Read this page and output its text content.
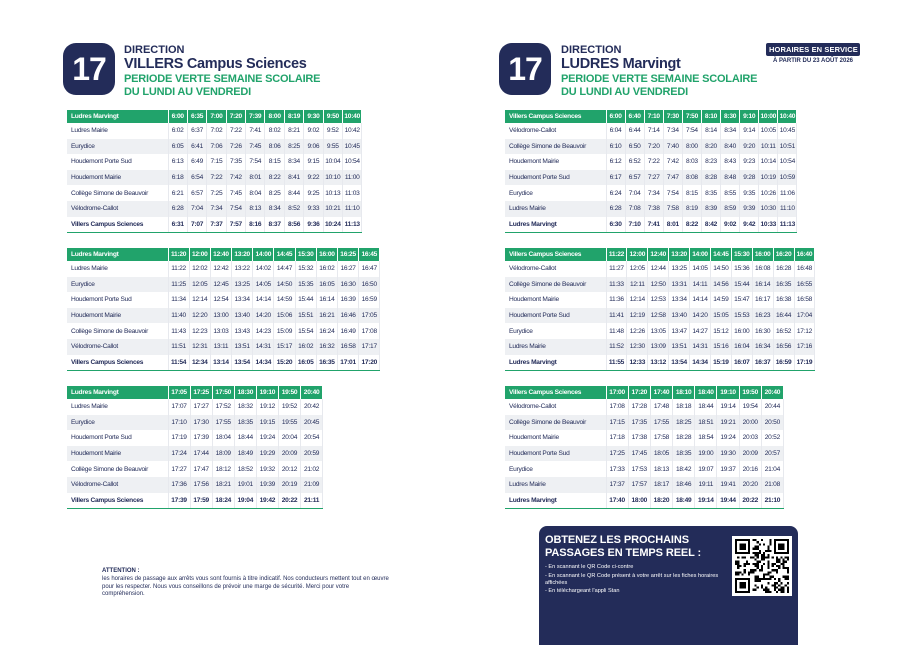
17
DIRECTION
VILLERS Campus Sciences
PERIODE VERTE SEMAINE SCOLAIRE
DU LUNDI AU VENDREDI
17
DIRECTION
LUDRES Marvingt
PERIODE VERTE SEMAINE SCOLAIRE
DU LUNDI AU VENDREDI
HORAIRES EN SERVICE
À PARTIR DU 23 AOÛT 2026
Ludres Marvingt	6:00	6:35	7:00	7:20	7:39	8:00	8:19	9:30	9:50	10:40
Ludres Mairie	6:02	6:37	7:02	7:22	7:41	8:02	8:21	9:02	9:52	10:42
Eurydice	6:05	6:41	7:06	7:26	7:45	8:06	8:25	9:06	9:55	10:45
Houdemont Porte Sud	6:13	6:49	7:15	7:35	7:54	8:15	8:34	9:15	10:04	10:54
Houdemont Mairie	6:18	6:54	7:22	7:42	8:01	8:22	8:41	9:22	10:10	11:00
Collège Simone de Beauvoir	6:21	6:57	7:25	7:45	8:04	8:25	8:44	9:25	10:13	11:03
Vélodrome-Callot	6:28	7:04	7:34	7:54	8:13	8:34	8:52	9:33	10:21	11:10
Villers Campus Sciences	6:31	7:07	7:37	7:57	8:16	8:37	8:56	9:36	10:24	11:13
Ludres Marvingt	11:20	12:00	12:40	13:20	14:00	14:45	15:30	16:00	16:25	16:45
Ludres Mairie	11:22	12:02	12:42	13:22	14:02	14:47	15:32	16:02	16:27	16:47
Eurydice	11:25	12:05	12:45	13:25	14:05	14:50	15:35	16:05	16:30	16:50
Houdemont Porte Sud	11:34	12:14	12:54	13:34	14:14	14:59	15:44	16:14	16:39	16:59
Houdemont Mairie	11:40	12:20	13:00	13:40	14:20	15:06	15:51	16:21	16:46	17:05
Collège Simone de Beauvoir	11:43	12:23	13:03	13:43	14:23	15:09	15:54	16:24	16:49	17:08
Vélodrome-Callot	11:51	12:31	13:11	13:51	14:31	15:17	16:02	16:32	16:58	17:17
Villers Campus Sciences	11:54	12:34	13:14	13:54	14:34	15:20	16:05	16:35	17:01	17:20
Ludres Marvingt	17:05	17:25	17:50	18:30	19:10	19:50	20:40
Ludres Mairie	17:07	17:27	17:52	18:32	19:12	19:52	20:42
Eurydice	17:10	17:30	17:55	18:35	19:15	19:55	20:45
Houdemont Porte Sud	17:19	17:39	18:04	18:44	19:24	20:04	20:54
Houdemont Mairie	17:24	17:44	18:09	18:49	19:29	20:09	20:59
Collège Simone de Beauvoir	17:27	17:47	18:12	18:52	19:32	20:12	21:02
Vélodrome-Callot	17:36	17:56	18:21	19:01	19:39	20:19	21:09
Villers Campus Sciences	17:39	17:59	18:24	19:04	19:42	20:22	21:11
Villers Campus Sciences	6:00	6:40	7:10	7:30	7:50	8:10	8:30	9:10	10:00	10:40
Vélodrome-Callot	6:04	6:44	7:14	7:34	7:54	8:14	8:34	9:14	10:05	10:45
Collège Simone de Beauvoir	6:10	6:50	7:20	7:40	8:00	8:20	8:40	9:20	10:11	10:51
Houdemont Mairie	6:12	6:52	7:22	7:42	8:03	8:23	8:43	9:23	10:14	10:54
Houdemont Porte Sud	6:17	6:57	7:27	7:47	8:08	8:28	8:48	9:28	10:19	10:59
Eurydice	6:24	7:04	7:34	7:54	8:15	8:35	8:55	9:35	10:26	11:06
Ludres Mairie	6:28	7:08	7:38	7:58	8:19	8:39	8:59	9:39	10:30	11:10
Ludres Marvingt	6:30	7:10	7:41	8:01	8:22	8:42	9:02	9:42	10:33	11:13
Villers Campus Sciences	11:22	12:00	12:40	13:20	14:00	14:45	15:30	16:00	16:20	16:40
Vélodrome-Callot	11:27	12:05	12:44	13:25	14:05	14:50	15:36	16:08	16:28	16:48
Collège Simone de Beauvoir	11:33	12:11	12:50	13:31	14:11	14:56	15:44	16:14	16:35	16:55
Houdemont Mairie	11:36	12:14	12:53	13:34	14:14	14:59	15:47	16:17	16:38	16:58
Houdemont Porte Sud	11:41	12:19	12:58	13:40	14:20	15:05	15:53	16:23	16:44	17:04
Eurydice	11:48	12:26	13:05	13:47	14:27	15:12	16:00	16:30	16:52	17:12
Ludres Mairie	11:52	12:30	13:09	13:51	14:31	15:16	16:04	16:34	16:56	17:16
Ludres Marvingt	11:55	12:33	13:12	13:54	14:34	15:19	16:07	16:37	16:59	17:19
Villers Campus Sciences	17:00	17:20	17:40	18:10	18:40	19:10	19:50	20:40
Vélodrome-Callot	17:08	17:28	17:48	18:18	18:44	19:14	19:54	20:44
Collège Simone de Beauvoir	17:15	17:35	17:55	18:25	18:51	19:21	20:00	20:50
Houdemont Mairie	17:18	17:38	17:58	18:28	18:54	19:24	20:03	20:52
Houdemont Porte Sud	17:25	17:45	18:05	18:35	19:00	19:30	20:09	20:57
Eurydice	17:33	17:53	18:13	18:42	19:07	19:37	20:16	21:04
Ludres Mairie	17:37	17:57	18:17	18:46	19:11	19:41	20:20	21:08
Ludres Marvingt	17:40	18:00	18:20	18:49	19:14	19:44	20:22	21:10
ATTENTION :
les horaires de passage aux arrêts vous sont fournis à titre indicatif. Nos conducteurs mettent tout en œuvre pour les respecter. Nous vous conseillons de prévoir une marge de sécurité. Merci pour votre compréhension.
OBTENEZ LES PROCHAINS PASSAGES EN TEMPS REEL :
- En scannant le QR Code ci-contre
- En scannant le QR Code présent à votre arrêt sur les fiches horaires affichées
- En téléchargeant l'appli Stan
